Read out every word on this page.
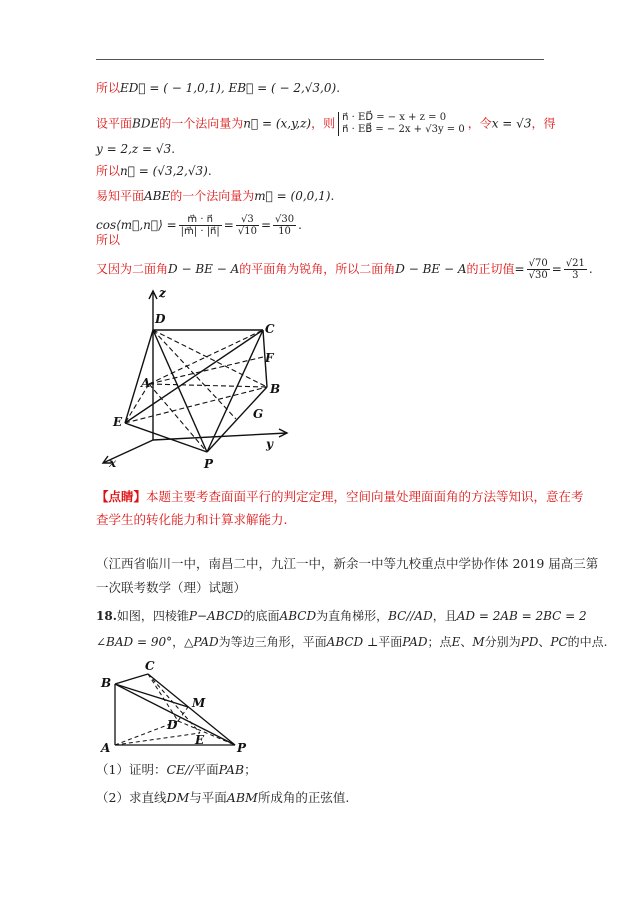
所以ED⃗ = ( − 1,0,1), EB⃗ = ( − 2,√3,0).
设平面BDE的一个法向量为n⃗ = (x,y,z)，则 n⃗ · ED⃗ = − x + z = 0
n⃗ · EB⃗ = − 2x + √3y = 0 ，令x = √3，得
y = 2,z = √3.
所以n⃗ = (√3,2,√3).
易知平面ABE的一个法向量为m⃗ = (0,0,1).
cos⟨m⃗,n⃗⟩ = $\frac{m⃗ \cdot n⃗}{|m⃗| \cdot |n⃗|} = \frac{√3}{√10} = \frac{√30}{10}$ .
所以
又因为二面角D − BE − A的平面角为锐角，所以二面角D − BE − A的正切值= $\frac{√70}{√30} = \frac{√21}{3}$ .
z
D
C
F
A	B
G
E
y
x	P
【点睛】本题主要考查面面平行的判定定理，空间向量处理面面角的方法等知识，意在考
查学生的转化能力和计算求解能力.
（江西省临川一中，南昌二中，九江一中，新余一中等九校重点中学协作体 2019 届高三第
一次联考数学（理）试题）
18.如图，四棱锥P−ABCD的底面ABCD为直角梯形，BC//AD，且AD = 2AB = 2BC = 2
∠BAD = 90°，△PAD为等边三角形，平面ABCD ⊥平面PAD；点E、M分别为PD、PC的中点.
C
B
M
D
E
A	P
（1）证明：CE//平面PAB；
（2）求直线DM与平面ABM所成角的正弦值.
